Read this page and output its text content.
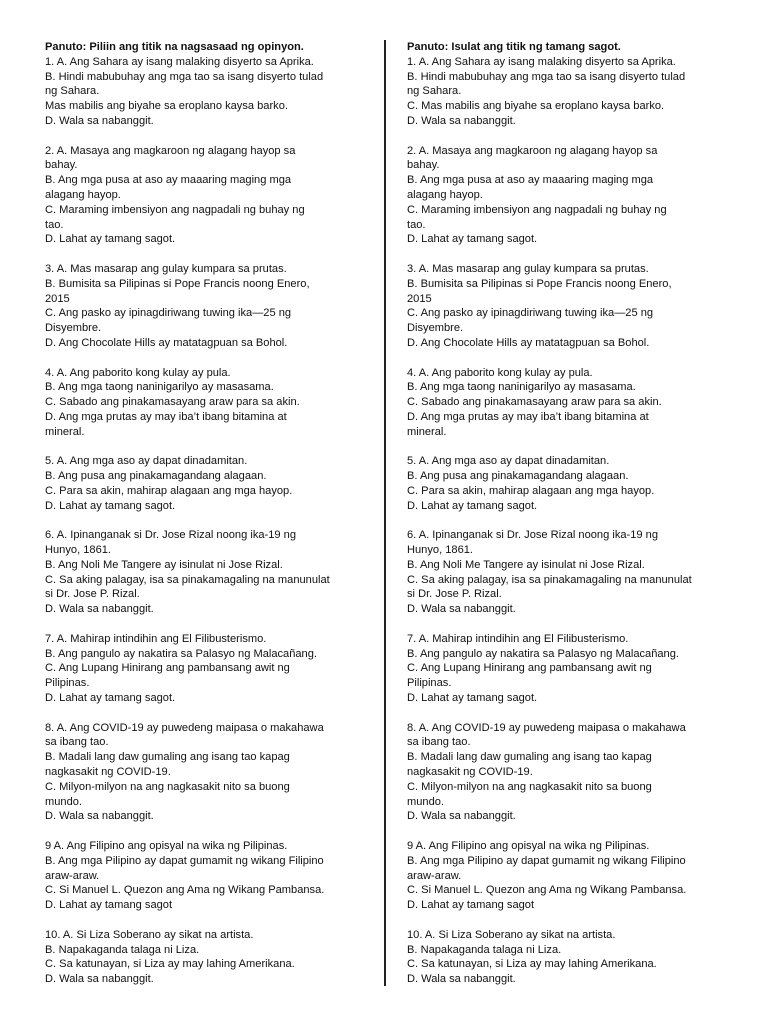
Panuto: Piliin ang titik na nagsasaad ng opinyon.
1. A. Ang Sahara ay isang malaking disyerto sa Aprika.
B. Hindi mabubuhay ang mga tao sa isang disyerto tulad
ng Sahara.
Mas mabilis ang biyahe sa eroplano kaysa barko.
D. Wala sa nabanggit.
2. A. Masaya ang magkaroon ng alagang hayop sa
bahay.
B. Ang mga pusa at aso ay maaaring maging mga
alagang hayop.
C. Maraming imbensiyon ang nagpadali ng buhay ng
tao.
D. Lahat ay tamang sagot.
3. A. Mas masarap ang gulay kumpara sa prutas.
B. Bumisita sa Pilipinas si Pope Francis noong Enero,
2015
C. Ang pasko ay ipinagdiriwang tuwing ika—25 ng
Disyembre.
D. Ang Chocolate Hills ay matatagpuan sa Bohol.
4. A. Ang paborito kong kulay ay pula.
B. Ang mga taong naninigarilyo ay masasama.
C. Sabado ang pinakamasayang araw para sa akin.
D. Ang mga prutas ay may iba’t ibang bitamina at
mineral.
5. A. Ang mga aso ay dapat dinadamitan.
B. Ang pusa ang pinakamagandang alagaan.
C. Para sa akin, mahirap alagaan ang mga hayop.
D. Lahat ay tamang sagot.
6. A. Ipinanganak si Dr. Jose Rizal noong ika-19 ng
Hunyo, 1861.
B. Ang Noli Me Tangere ay isinulat ni Jose Rizal.
C. Sa aking palagay, isa sa pinakamagaling na manunulat
si Dr. Jose P. Rizal.
D. Wala sa nabanggit.
7. A. Mahirap intindihin ang El Filibusterismo.
B. Ang pangulo ay nakatira sa Palasyo ng Malacañang.
C. Ang Lupang Hinirang ang pambansang awit ng
Pilipinas.
D. Lahat ay tamang sagot.
8. A. Ang COVID-19 ay puwedeng maipasa o makahawa
sa ibang tao.
B. Madali lang daw gumaling ang isang tao kapag
nagkasakit ng COVID-19.
C. Milyon-milyon na ang nagkasakit nito sa buong
mundo.
D. Wala sa nabanggit.
9 A. Ang Filipino ang opisyal na wika ng Pilipinas.
B. Ang mga Pilipino ay dapat gumamit ng wikang Filipino
araw-araw.
C. Si Manuel L. Quezon ang Ama ng Wikang Pambansa.
D. Lahat ay tamang sagot
10. A. Si Liza Soberano ay sikat na artista.
B. Napakaganda talaga ni Liza.
C. Sa katunayan, si Liza ay may lahing Amerikana.
D. Wala sa nabanggit.
Panuto: Isulat ang titik ng tamang sagot.
1. A. Ang Sahara ay isang malaking disyerto sa Aprika.
B. Hindi mabubuhay ang mga tao sa isang disyerto tulad
ng Sahara.
C. Mas mabilis ang biyahe sa eroplano kaysa barko.
D. Wala sa nabanggit.
2. A. Masaya ang magkaroon ng alagang hayop sa
bahay.
B. Ang mga pusa at aso ay maaaring maging mga
alagang hayop.
C. Maraming imbensiyon ang nagpadali ng buhay ng
tao.
D. Lahat ay tamang sagot.
3. A. Mas masarap ang gulay kumpara sa prutas.
B. Bumisita sa Pilipinas si Pope Francis noong Enero,
2015
C. Ang pasko ay ipinagdiriwang tuwing ika—25 ng
Disyembre.
D. Ang Chocolate Hills ay matatagpuan sa Bohol.
4. A. Ang paborito kong kulay ay pula.
B. Ang mga taong naninigarilyo ay masasama.
C. Sabado ang pinakamasayang araw para sa akin.
D. Ang mga prutas ay may iba’t ibang bitamina at
mineral.
5. A. Ang mga aso ay dapat dinadamitan.
B. Ang pusa ang pinakamagandang alagaan.
C. Para sa akin, mahirap alagaan ang mga hayop.
D. Lahat ay tamang sagot.
6. A. Ipinanganak si Dr. Jose Rizal noong ika-19 ng
Hunyo, 1861.
B. Ang Noli Me Tangere ay isinulat ni Jose Rizal.
C. Sa aking palagay, isa sa pinakamagaling na manunulat
si Dr. Jose P. Rizal.
D. Wala sa nabanggit.
7. A. Mahirap intindihin ang El Filibusterismo.
B. Ang pangulo ay nakatira sa Palasyo ng Malacañang.
C. Ang Lupang Hinirang ang pambansang awit ng
Pilipinas.
D. Lahat ay tamang sagot.
8. A. Ang COVID-19 ay puwedeng maipasa o makahawa
sa ibang tao.
B. Madali lang daw gumaling ang isang tao kapag
nagkasakit ng COVID-19.
C. Milyon-milyon na ang nagkasakit nito sa buong
mundo.
D. Wala sa nabanggit.
9 A. Ang Filipino ang opisyal na wika ng Pilipinas.
B. Ang mga Pilipino ay dapat gumamit ng wikang Filipino
araw-araw.
C. Si Manuel L. Quezon ang Ama ng Wikang Pambansa.
D. Lahat ay tamang sagot
10. A. Si Liza Soberano ay sikat na artista.
B. Napakaganda talaga ni Liza.
C. Sa katunayan, si Liza ay may lahing Amerikana.
D. Wala sa nabanggit.
